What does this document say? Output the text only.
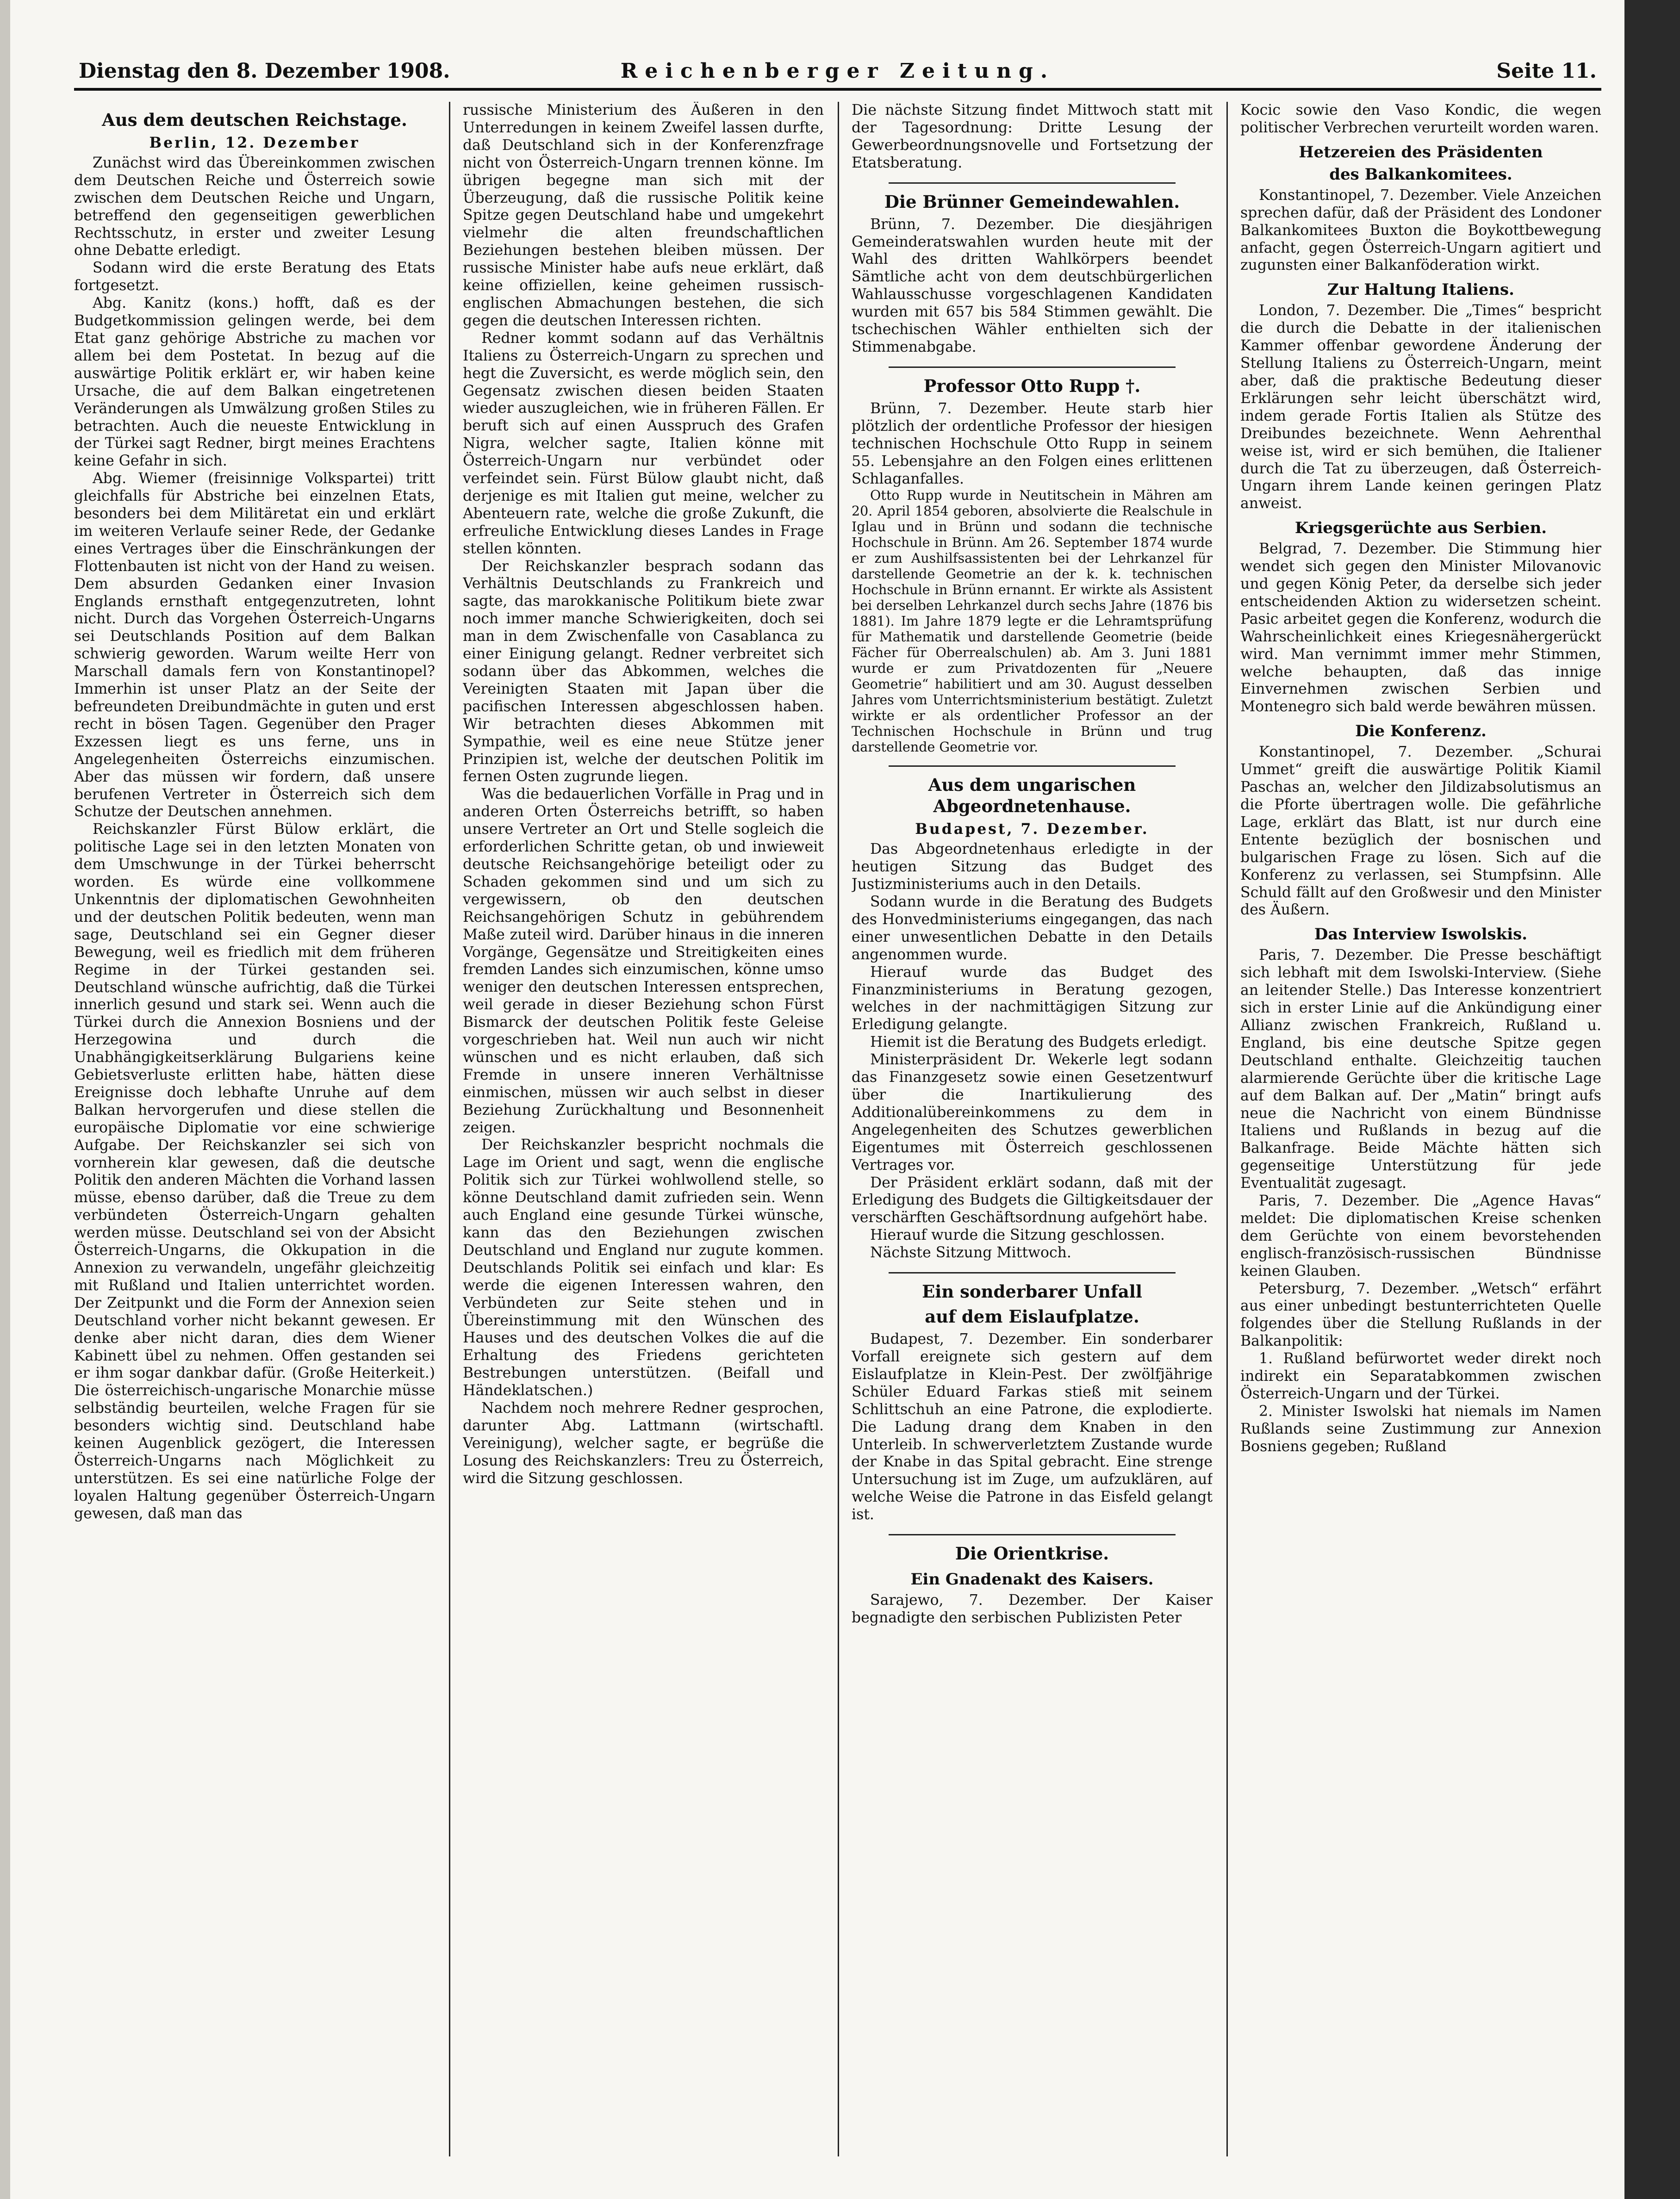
Dienstag den 8. Dezember 1908.	Reichenberger Zeitung.	Seite 11.
Aus dem deutschen Reichstage.
Berlin, 12. Dezember

Zunächst wird das Übereinkommen zwischen dem Deutschen Reiche und Österreich sowie zwischen dem Deutschen Reiche und Ungarn, betreffend den gegenseitigen gewerblichen Rechtsschutz, in erster und zweiter Lesung ohne Debatte erledigt.

Sodann wird die erste Beratung des Etats fortgesetzt.

Abg. Kanitz (kons.) hofft, daß es der Budgetkommission gelingen werde, bei dem Etat ganz gehörige Abstriche zu machen vor allem bei dem Postetat. In bezug auf die auswärtige Politik erklärt er, wir haben keine Ursache, die auf dem Balkan eingetretenen Veränderungen als Umwälzung großen Stiles zu betrachten. Auch die neueste Entwicklung in der Türkei sagt Redner, birgt meines Erachtens keine Gefahr in sich.

Abg. Wiemer (freisinnige Volkspartei) tritt gleichfalls für Abstriche bei einzelnen Etats, besonders bei dem Militäretat ein und erklärt im weiteren Verlaufe seiner Rede, der Gedanke eines Vertrages über die Einschränkungen der Flottenbauten ist nicht von der Hand zu weisen. Dem absurden Gedanken einer Invasion Englands ernsthaft entgegenzutreten, lohnt nicht. Durch das Vorgehen Österreich-Ungarns sei Deutschlands Position auf dem Balkan schwierig geworden. Warum weilte Herr von Marschall damals fern von Konstantinopel? Immerhin ist unser Platz an der Seite der befreundeten Dreibundmächte in guten und erst recht in bösen Tagen. Gegenüber den Prager Exzessen liegt es uns ferne, uns in Angelegenheiten Österreichs einzumischen. Aber das müssen wir fordern, daß unsere berufenen Vertreter in Österreich sich dem Schutze der Deutschen annehmen.

Reichskanzler Fürst Bülow erklärt, die politische Lage sei in den letzten Monaten von dem Umschwunge in der Türkei beherrscht worden. Es würde eine vollkommene Unkenntnis der diplomatischen Gewohnheiten und der deutschen Politik bedeuten, wenn man sage, Deutschland sei ein Gegner dieser Bewegung, weil es friedlich mit dem früheren Regime in der Türkei gestanden sei. Deutschland wünsche aufrichtig, daß die Türkei innerlich gesund und stark sei. Wenn auch die Türkei durch die Annexion Bosniens und der Herzegowina und durch die Unabhängigkeitserklärung Bulgariens keine Gebietsverluste erlitten habe, hätten diese Ereignisse doch lebhafte Unruhe auf dem Balkan hervorgerufen und diese stellen die europäische Diplomatie vor eine schwierige Aufgabe. Der Reichskanzler sei sich von vornherein klar gewesen, daß die deutsche Politik den anderen Mächten die Vorhand lassen müsse, ebenso darüber, daß die Treue zu dem verbündeten Österreich-Ungarn gehalten werden müsse. Deutschland sei von der Absicht Österreich-Ungarns, die Okkupation in die Annexion zu verwandeln, ungefähr gleichzeitig mit Rußland und Italien unterrichtet worden. Der Zeitpunkt und die Form der Annexion seien Deutschland vorher nicht bekannt gewesen. Er denke aber nicht daran, dies dem Wiener Kabinett übel zu nehmen. Offen gestanden sei er ihm sogar dankbar dafür. (Große Heiterkeit.) Die österreichisch-ungarische Monarchie müsse selbständig beurteilen, welche Fragen für sie besonders wichtig sind. Deutschland habe keinen Augenblick gezögert, die Interessen Österreich-Ungarns nach Möglichkeit zu unterstützen. Es sei eine natürliche Folge der loyalen Haltung gegenüber Österreich-Ungarn gewesen, daß man das

russische Ministerium des Äußeren in den Unterredungen in keinem Zweifel lassen durfte, daß Deutschland sich in der Konferenzfrage nicht von Österreich-Ungarn trennen könne. Im übrigen begegne man sich mit der Überzeugung, daß die russische Politik keine Spitze gegen Deutschland habe und umgekehrt vielmehr die alten freundschaftlichen Beziehungen bestehen bleiben müssen. Der russische Minister habe aufs neue erklärt, daß keine offiziellen, keine geheimen russisch-englischen Abmachungen bestehen, die sich gegen die deutschen Interessen richten.

Redner kommt sodann auf das Verhältnis Italiens zu Österreich-Ungarn zu sprechen und hegt die Zuversicht, es werde möglich sein, den Gegensatz zwischen diesen beiden Staaten wieder auszugleichen, wie in früheren Fällen. Er beruft sich auf einen Ausspruch des Grafen Nigra, welcher sagte, Italien könne mit Österreich-Ungarn nur verbündet oder verfeindet sein. Fürst Bülow glaubt nicht, daß derjenige es mit Italien gut meine, welcher zu Abenteuern rate, welche die große Zukunft, die erfreuliche Entwicklung dieses Landes in Frage stellen könnten.

Der Reichskanzler besprach sodann das Verhältnis Deutschlands zu Frankreich und sagte, das marokkanische Politikum biete zwar noch immer manche Schwierigkeiten, doch sei man in dem Zwischenfalle von Casablanca zu einer Einigung gelangt. Redner verbreitet sich sodann über das Abkommen, welches die Vereinigten Staaten mit Japan über die pacifischen Interessen abgeschlossen haben. Wir betrachten dieses Abkommen mit Sympathie, weil es eine neue Stütze jener Prinzipien ist, welche der deutschen Politik im fernen Osten zugrunde liegen.

Was die bedauerlichen Vorfälle in Prag und in anderen Orten Österreichs betrifft, so haben unsere Vertreter an Ort und Stelle sogleich die erforderlichen Schritte getan, ob und inwieweit deutsche Reichsangehörige beteiligt oder zu Schaden gekommen sind und um sich zu vergewissern, ob den deutschen Reichsangehörigen Schutz in gebührendem Maße zuteil wird. Darüber hinaus in die inneren Vorgänge, Gegensätze und Streitigkeiten eines fremden Landes sich einzumischen, könne umso weniger den deutschen Interessen entsprechen, weil gerade in dieser Beziehung schon Fürst Bismarck der deutschen Politik feste Geleise vorgeschrieben hat. Weil nun auch wir nicht wünschen und es nicht erlauben, daß sich Fremde in unsere inneren Verhältnisse einmischen, müssen wir auch selbst in dieser Beziehung Zurückhaltung und Besonnenheit zeigen.

Der Reichskanzler bespricht nochmals die Lage im Orient und sagt, wenn die englische Politik sich zur Türkei wohlwollend stelle, so könne Deutschland damit zufrieden sein. Wenn auch England eine gesunde Türkei wünsche, kann das den Beziehungen zwischen Deutschland und England nur zugute kommen. Deutschlands Politik sei einfach und klar: Es werde die eigenen Interessen wahren, den Verbündeten zur Seite stehen und in Übereinstimmung mit den Wünschen des Hauses und des deutschen Volkes die auf die Erhaltung des Friedens gerichteten Bestrebungen unterstützen. (Beifall und Händeklatschen.)

Nachdem noch mehrere Redner gesprochen, darunter Abg. Lattmann (wirtschaftl. Vereinigung), welcher sagte, er begrüße die Losung des Reichskanzlers: Treu zu Österreich, wird die Sitzung geschlossen.

Die nächste Sitzung findet Mittwoch statt mit der Tagesordnung: Dritte Lesung der Gewerbeordnungsnovelle und Fortsetzung der Etatsberatung.

Die Brünner Gemeindewahlen.

Brünn, 7. Dezember. Die diesjährigen Gemeinderatswahlen wurden heute mit der Wahl des dritten Wahlkörpers beendet Sämtliche acht von dem deutschbürgerlichen Wahlausschusse vorgeschlagenen Kandidaten wurden mit 657 bis 584 Stimmen gewählt. Die tschechischen Wähler enthielten sich der Stimmenabgabe.

Professor Otto Rupp †.

Brünn, 7. Dezember. Heute starb hier plötzlich der ordentliche Professor der hiesigen technischen Hochschule Otto Rupp in seinem 55. Lebensjahre an den Folgen eines erlittenen Schlaganfalles.

Otto Rupp wurde in Neutitschein in Mähren am 20. April 1854 geboren, absolvierte die Realschule in Iglau und in Brünn und sodann die technische Hochschule in Brünn. Am 26. September 1874 wurde er zum Aushilfsassistenten bei der Lehrkanzel für darstellende Geometrie an der k. k. technischen Hochschule in Brünn ernannt. Er wirkte als Assistent bei derselben Lehrkanzel durch sechs Jahre (1876 bis 1881). Im Jahre 1879 legte er die Lehramtsprüfung für Mathematik und darstellende Geometrie (beide Fächer für Oberrealschulen) ab. Am 3. Juni 1881 wurde er zum Privatdozenten für „Neuere Geometrie“ habilitiert und am 30. August desselben Jahres vom Unterrichtsministerium bestätigt. Zuletzt wirkte er als ordentlicher Professor an der Technischen Hochschule in Brünn und trug darstellende Geometrie vor.

Aus dem ungarischen Abgeordnetenhause.
Budapest, 7. Dezember.

Das Abgeordnetenhaus erledigte in der heutigen Sitzung das Budget des Justizministeriums auch in den Details.

Sodann wurde in die Beratung des Budgets des Honvedministeriums eingegangen, das nach einer unwesentlichen Debatte in den Details angenommen wurde.

Hierauf wurde das Budget des Finanzministeriums in Beratung gezogen, welches in der nachmittägigen Sitzung zur Erledigung gelangte.

Hiemit ist die Beratung des Budgets erledigt.

Ministerpräsident Dr. Wekerle legt sodann das Finanzgesetz sowie einen Gesetzentwurf über die Inartikulierung des Additionalübereinkommens zu dem in Angelegenheiten des Schutzes gewerblichen Eigentumes mit Österreich geschlossenen Vertrages vor.

Der Präsident erklärt sodann, daß mit der Erledigung des Budgets die Giltigkeitsdauer der verschärften Geschäftsordnung aufgehört habe.

Hierauf wurde die Sitzung geschlossen.

Nächste Sitzung Mittwoch.

Ein sonderbarer Unfall
auf dem Eislaufplatze.

Budapest, 7. Dezember. Ein sonderbarer Vorfall ereignete sich gestern auf dem Eislaufplatze in Klein-Pest. Der zwölfjährige Schüler Eduard Farkas stieß mit seinem Schlittschuh an eine Patrone, die explodierte. Die Ladung drang dem Knaben in den Unterleib. In schwerverletztem Zustande wurde der Knabe in das Spital gebracht. Eine strenge Untersuchung ist im Zuge, um aufzuklären, auf welche Weise die Patrone in das Eisfeld gelangt ist.

Die Orientkrise.
Ein Gnadenakt des Kaisers.

Sarajewo, 7. Dezember. Der Kaiser begnadigte den serbischen Publizisten Peter

Kocic sowie den Vaso Kondic, die wegen politischer Verbrechen verurteilt worden waren.

Hetzereien des Präsidenten
des Balkankomitees.

Konstantinopel, 7. Dezember. Viele Anzeichen sprechen dafür, daß der Präsident des Londoner Balkankomitees Buxton die Boykottbewegung anfacht, gegen Österreich-Ungarn agitiert und zugunsten einer Balkanföderation wirkt.

Zur Haltung Italiens.

London, 7. Dezember. Die „Times“ bespricht die durch die Debatte in der italienischen Kammer offenbar gewordene Änderung der Stellung Italiens zu Österreich-Ungarn, meint aber, daß die praktische Bedeutung dieser Erklärungen sehr leicht überschätzt wird, indem gerade Fortis Italien als Stütze des Dreibundes bezeichnete. Wenn Aehrenthal weise ist, wird er sich bemühen, die Italiener durch die Tat zu überzeugen, daß Österreich-Ungarn ihrem Lande keinen geringen Platz anweist.

Kriegsgerüchte aus Serbien.

Belgrad, 7. Dezember. Die Stimmung hier wendet sich gegen den Minister Milovanovic und gegen König Peter, da derselbe sich jeder entscheidenden Aktion zu widersetzen scheint. Pasic arbeitet gegen die Konferenz, wodurch die Wahrscheinlichkeit eines Kriegesnähergerückt wird. Man vernimmt immer mehr Stimmen, welche behaupten, daß das innige Einvernehmen zwischen Serbien und Montenegro sich bald werde bewähren müssen.

Die Konferenz.

Konstantinopel, 7. Dezember. „Schurai Ummet“ greift die auswärtige Politik Kiamil Paschas an, welcher den Jildizabsolutismus an die Pforte übertragen wolle. Die gefährliche Lage, erklärt das Blatt, ist nur durch eine Entente bezüglich der bosnischen und bulgarischen Frage zu lösen. Sich auf die Konferenz zu verlassen, sei Stumpfsinn. Alle Schuld fällt auf den Großwesir und den Minister des Äußern.

Das Interview Iswolskis.

Paris, 7. Dezember. Die Presse beschäftigt sich lebhaft mit dem Iswolski-Interview. (Siehe an leitender Stelle.) Das Interesse konzentriert sich in erster Linie auf die Ankündigung einer Allianz zwischen Frankreich, Rußland u. England, bis eine deutsche Spitze gegen Deutschland enthalte. Gleichzeitig tauchen alarmierende Gerüchte über die kritische Lage auf dem Balkan auf. Der „Matin“ bringt aufs neue die Nachricht von einem Bündnisse Italiens und Rußlands in bezug auf die Balkanfrage. Beide Mächte hätten sich gegenseitige Unterstützung für jede Eventualität zugesagt.

Paris, 7. Dezember. Die „Agence Havas“ meldet: Die diplomatischen Kreise schenken dem Gerüchte von einem bevorstehenden englisch-französisch-russischen Bündnisse keinen Glauben.

Petersburg, 7. Dezember. „Wetsch“ erfährt aus einer unbedingt bestunterrichteten Quelle folgendes über die Stellung Rußlands in der Balkanpolitik:

1. Rußland befürwortet weder direkt noch indirekt ein Separatabkommen zwischen Österreich-Ungarn und der Türkei.

2. Minister Iswolski hat niemals im Namen Rußlands seine Zustimmung zur Annexion Bosniens gegeben; Rußland
